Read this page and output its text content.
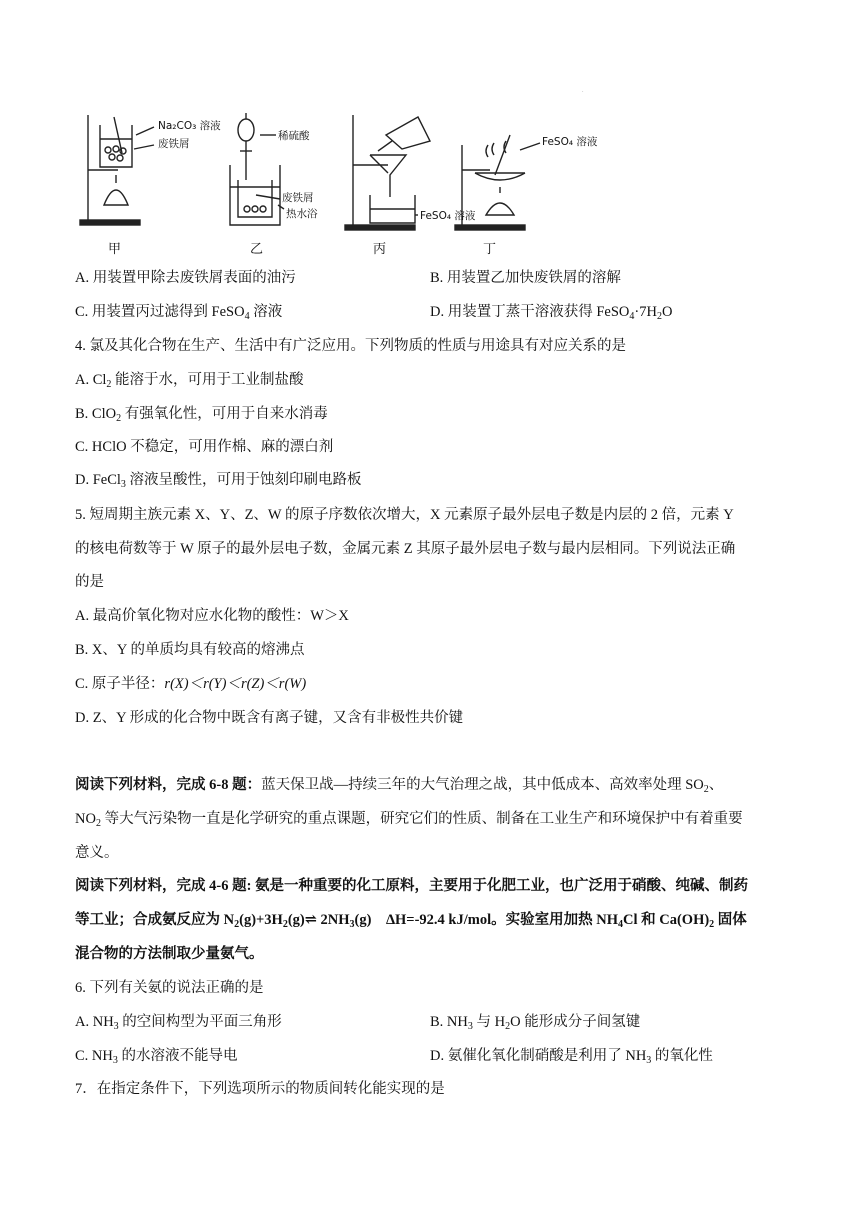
.
Na₂CO₃ 溶液
废铁屑
稀硫酸
废铁屑
热水浴	FeSO₄ 溶液
FeSO₄ 溶液
甲	乙	丙	丁
A. 用装置甲除去废铁屑表面的油污	B. 用装置乙加快废铁屑的溶解
C. 用装置丙过滤得到 FeSO$_4$ 溶液	D. 用装置丁蒸干溶液获得 $FeSO_4\cdot 7H_2O$
4. 氯及其化合物在生产、生活中有广泛应用。下列物质的性质与用途具有对应关系的是
A. $Cl_2$ 能溶于水，可用于工业制盐酸
B. ClO$_2$ 有强氧化性，可用于自来水消毒
C. HClO 不稳定，可用作棉、麻的漂白剂
D. FeCl$_3$ 溶液呈酸性，可用于蚀刻印刷电路板
5. 短周期主族元素 X、Y、Z、W 的原子序数依次增大，X 元素原子最外层电子数是内层的 2 倍，元素 Y
的核电荷数等于 W 原子的最外层电子数，金属元素 Z 其原子最外层电子数与最内层相同。下列说法正确
的是
A. 最高价氧化物对应水化物的酸性：W＞X
B. X、Y 的单质均具有较高的熔沸点
C. 原子半径：r(X)＜r(Y)＜r(Z)＜r(W)
D. Z、Y 形成的化合物中既含有离子键，又含有非极性共价键
阅读下列材料，完成 6-8 题：蓝天保卫战—持续三年的大气治理之战，其中低成本、高效率处理 $SO_2$、
$NO_2$ 等大气污染物一直是化学研究的重点课题，研究它们的性质、制备在工业生产和环境保护中有着重要
意义。
阅读下列材料，完成 4-6 题: 氨是一种重要的化工原料，主要用于化肥工业，也广泛用于硝酸、纯碱、制药
等工业；合成氨反应为 $N_2(g)+3H_2(g)\rightleftharpoons$ $2NH_3(g)$ ΔH=-92.4 kJ/mol。实验室用加热 $NH_4Cl$ 和 $Ca(OH)_2$ 固体
混合物的方法制取少量氨气。
6. 下列有关氨的说法正确的是
A. $NH_3$ 的空间构型为平面三角形	B. $NH_3$ 与 $H_2O$ 能形成分子间氢键
C. $NH_3$ 的水溶液不能导电	D. 氨催化氧化制硝酸是利用了 $NH_3$ 的氧化性
7．在指定条件下，下列选项所示的物质间转化能实现的是
